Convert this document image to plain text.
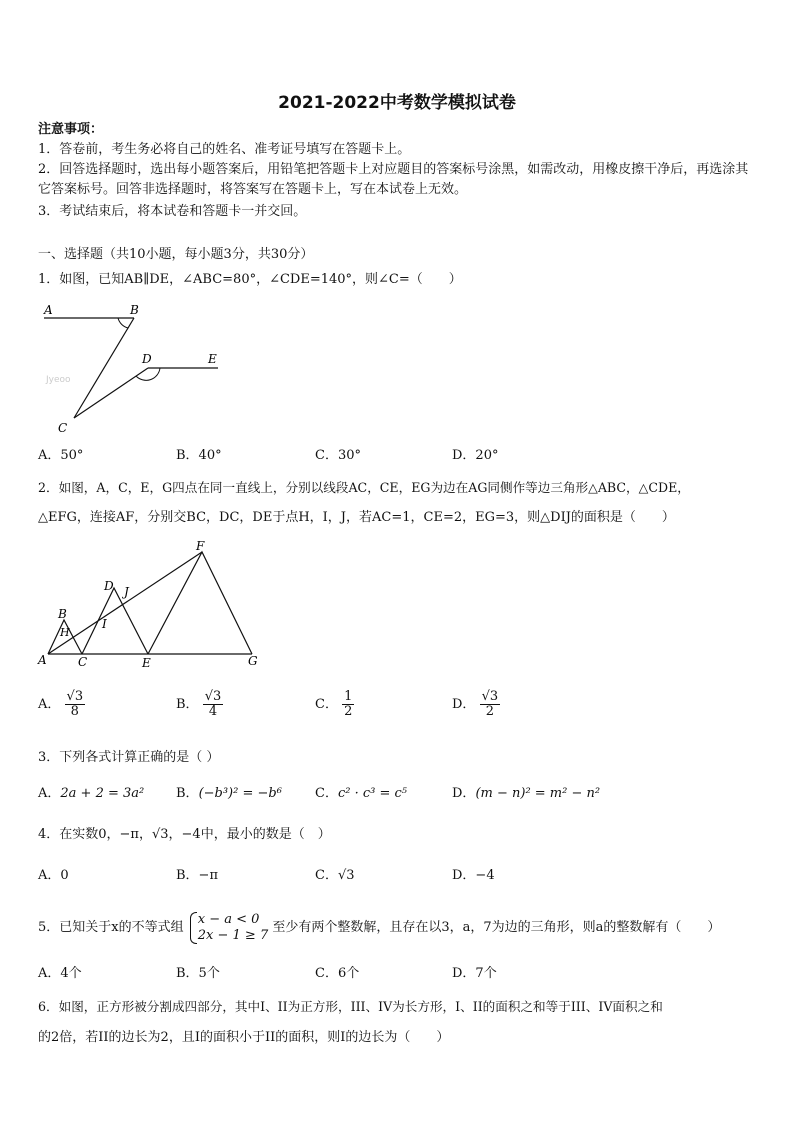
2021-2022中考数学模拟试卷
注意事项：
1．答卷前，考生务必将自己的姓名、准考证号填写在答题卡上。
2．回答选择题时，选出每小题答案后，用铅笔把答题卡上对应题目的答案标号涂黑，如需改动，用橡皮擦干净后，再选涂其它答案标号。回答非选择题时，将答案写在答题卡上，写在本试卷上无效。
3．考试结束后，将本试卷和答题卡一并交回。
一、选择题（共10小题，每小题3分，共30分）
1．如图，已知AB∥DE，∠ABC=80°，∠CDE=140°，则∠C=（　　）
A	B
D	E
C
Jyeoo
A．50°	B．40°	C．30°	D．20°
2．如图，A，C，E，G四点在同一直线上，分别以线段AC，CE，EG为边在AG同侧作等边三角形△ABC，△CDE，
△EFG，连接AF，分别交BC，DC，DE于点H，I，J，若AC=1，CE=2，EG=3，则△DIJ的面积是（　　）
F
D J
I
B
H
A	C	E	G
A． $\frac{√3}{8}$	B． $\frac{√3}{4}$	C． $\frac{1}{2}$	D． $\frac{√3}{2}$
3．下列各式计算正确的是（ ）
A．2a + 2 = 3a² B．(−b³)² = −b⁶	C．c² · c³ = c⁵	D．(m − n)² = m² − n²
4．在实数0，−π，√3，−4中，最小的数是（　）
A．0	B．−π	C．√3	D．−4
5．已知关于x的不等式组
x − a < 0
2x − 1 ≥ 7 至少有两个整数解，且存在以3，a，7为边的三角形，则a的整数解有（　　）
A．4个	B．5个	C．6个	D．7个
6．如图，正方形被分割成四部分，其中I、II为正方形，III、IV为长方形，I、II的面积之和等于III、IV面积之和
的2倍，若II的边长为2，且I的面积小于II的面积，则I的边长为（　　）
